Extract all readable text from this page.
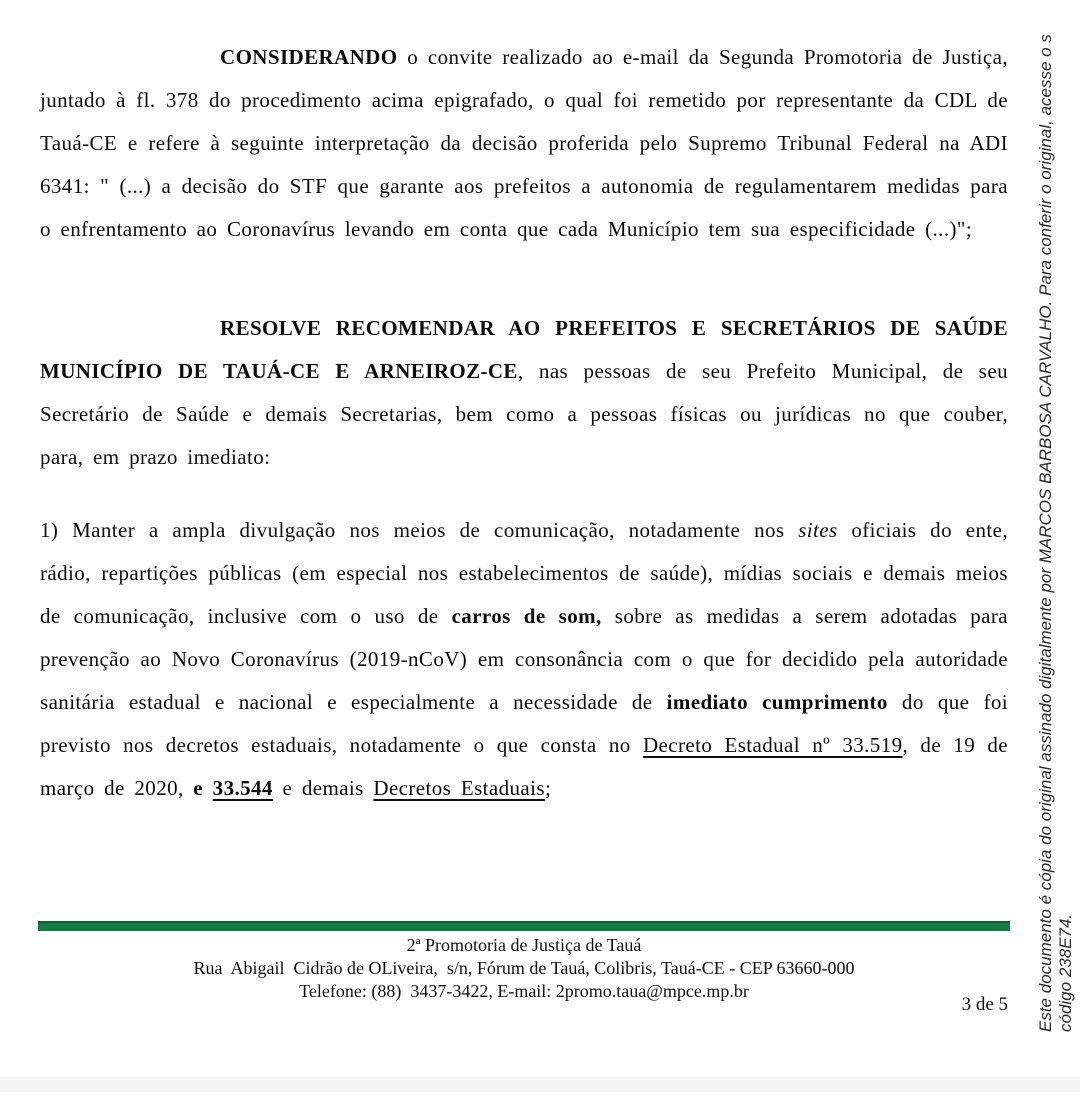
CONSIDERANDO o convite realizado ao e-mail da Segunda Promotoria de Justiça, juntado à fl. 378 do procedimento acima epigrafado, o qual foi remetido por representante da CDL de Tauá-CE e refere à seguinte interpretação da decisão proferida pelo Supremo Tribunal Federal na ADI 6341: " (...) a decisão do STF que garante aos prefeitos a autonomia de regulamentarem medidas para o enfrentamento ao Coronavírus levando em conta que cada Município tem sua especificidade (...)";

RESOLVE RECOMENDAR AO PREFEITOS E SECRETÁRIOS DE SAÚDE MUNICÍPIO DE TAUÁ-CE E ARNEIROZ-CE, nas pessoas de seu Prefeito Municipal, de seu Secretário de Saúde e demais Secretarias, bem como a pessoas físicas ou jurídicas no que couber, para, em prazo imediato:

1) Manter a ampla divulgação nos meios de comunicação, notadamente nos sites oficiais do ente, rádio, repartições públicas (em especial nos estabelecimentos de saúde), mídias sociais e demais meios de comunicação, inclusive com o uso de carros de som, sobre as medidas a serem adotadas para prevenção ao Novo Coronavírus (2019-nCoV) em consonância com o que for decidido pela autoridade sanitária estadual e nacional e especialmente a necessidade de imediato cumprimento do que foi previsto nos decretos estaduais, notadamente o que consta no Decreto Estadual nº 33.519, de 19 de março de 2020, e 33.544 e demais Decretos Estaduais;

2ª Promotoria de Justiça de Tauá
Rua  Abigail  Cidrão de OLiveira,  s/n, Fórum de Tauá, Colibris, Tauá-CE - CEP 63660-000
Telefone: (88)  3437-3422, E-mail: 2promo.taua@mpce.mp.br
3 de 5 Este documento é cópia do original assinado digitalmente por MARCOS BARBOSA CARVALHO. Para conferir o original, acesse o s código 238E74.
